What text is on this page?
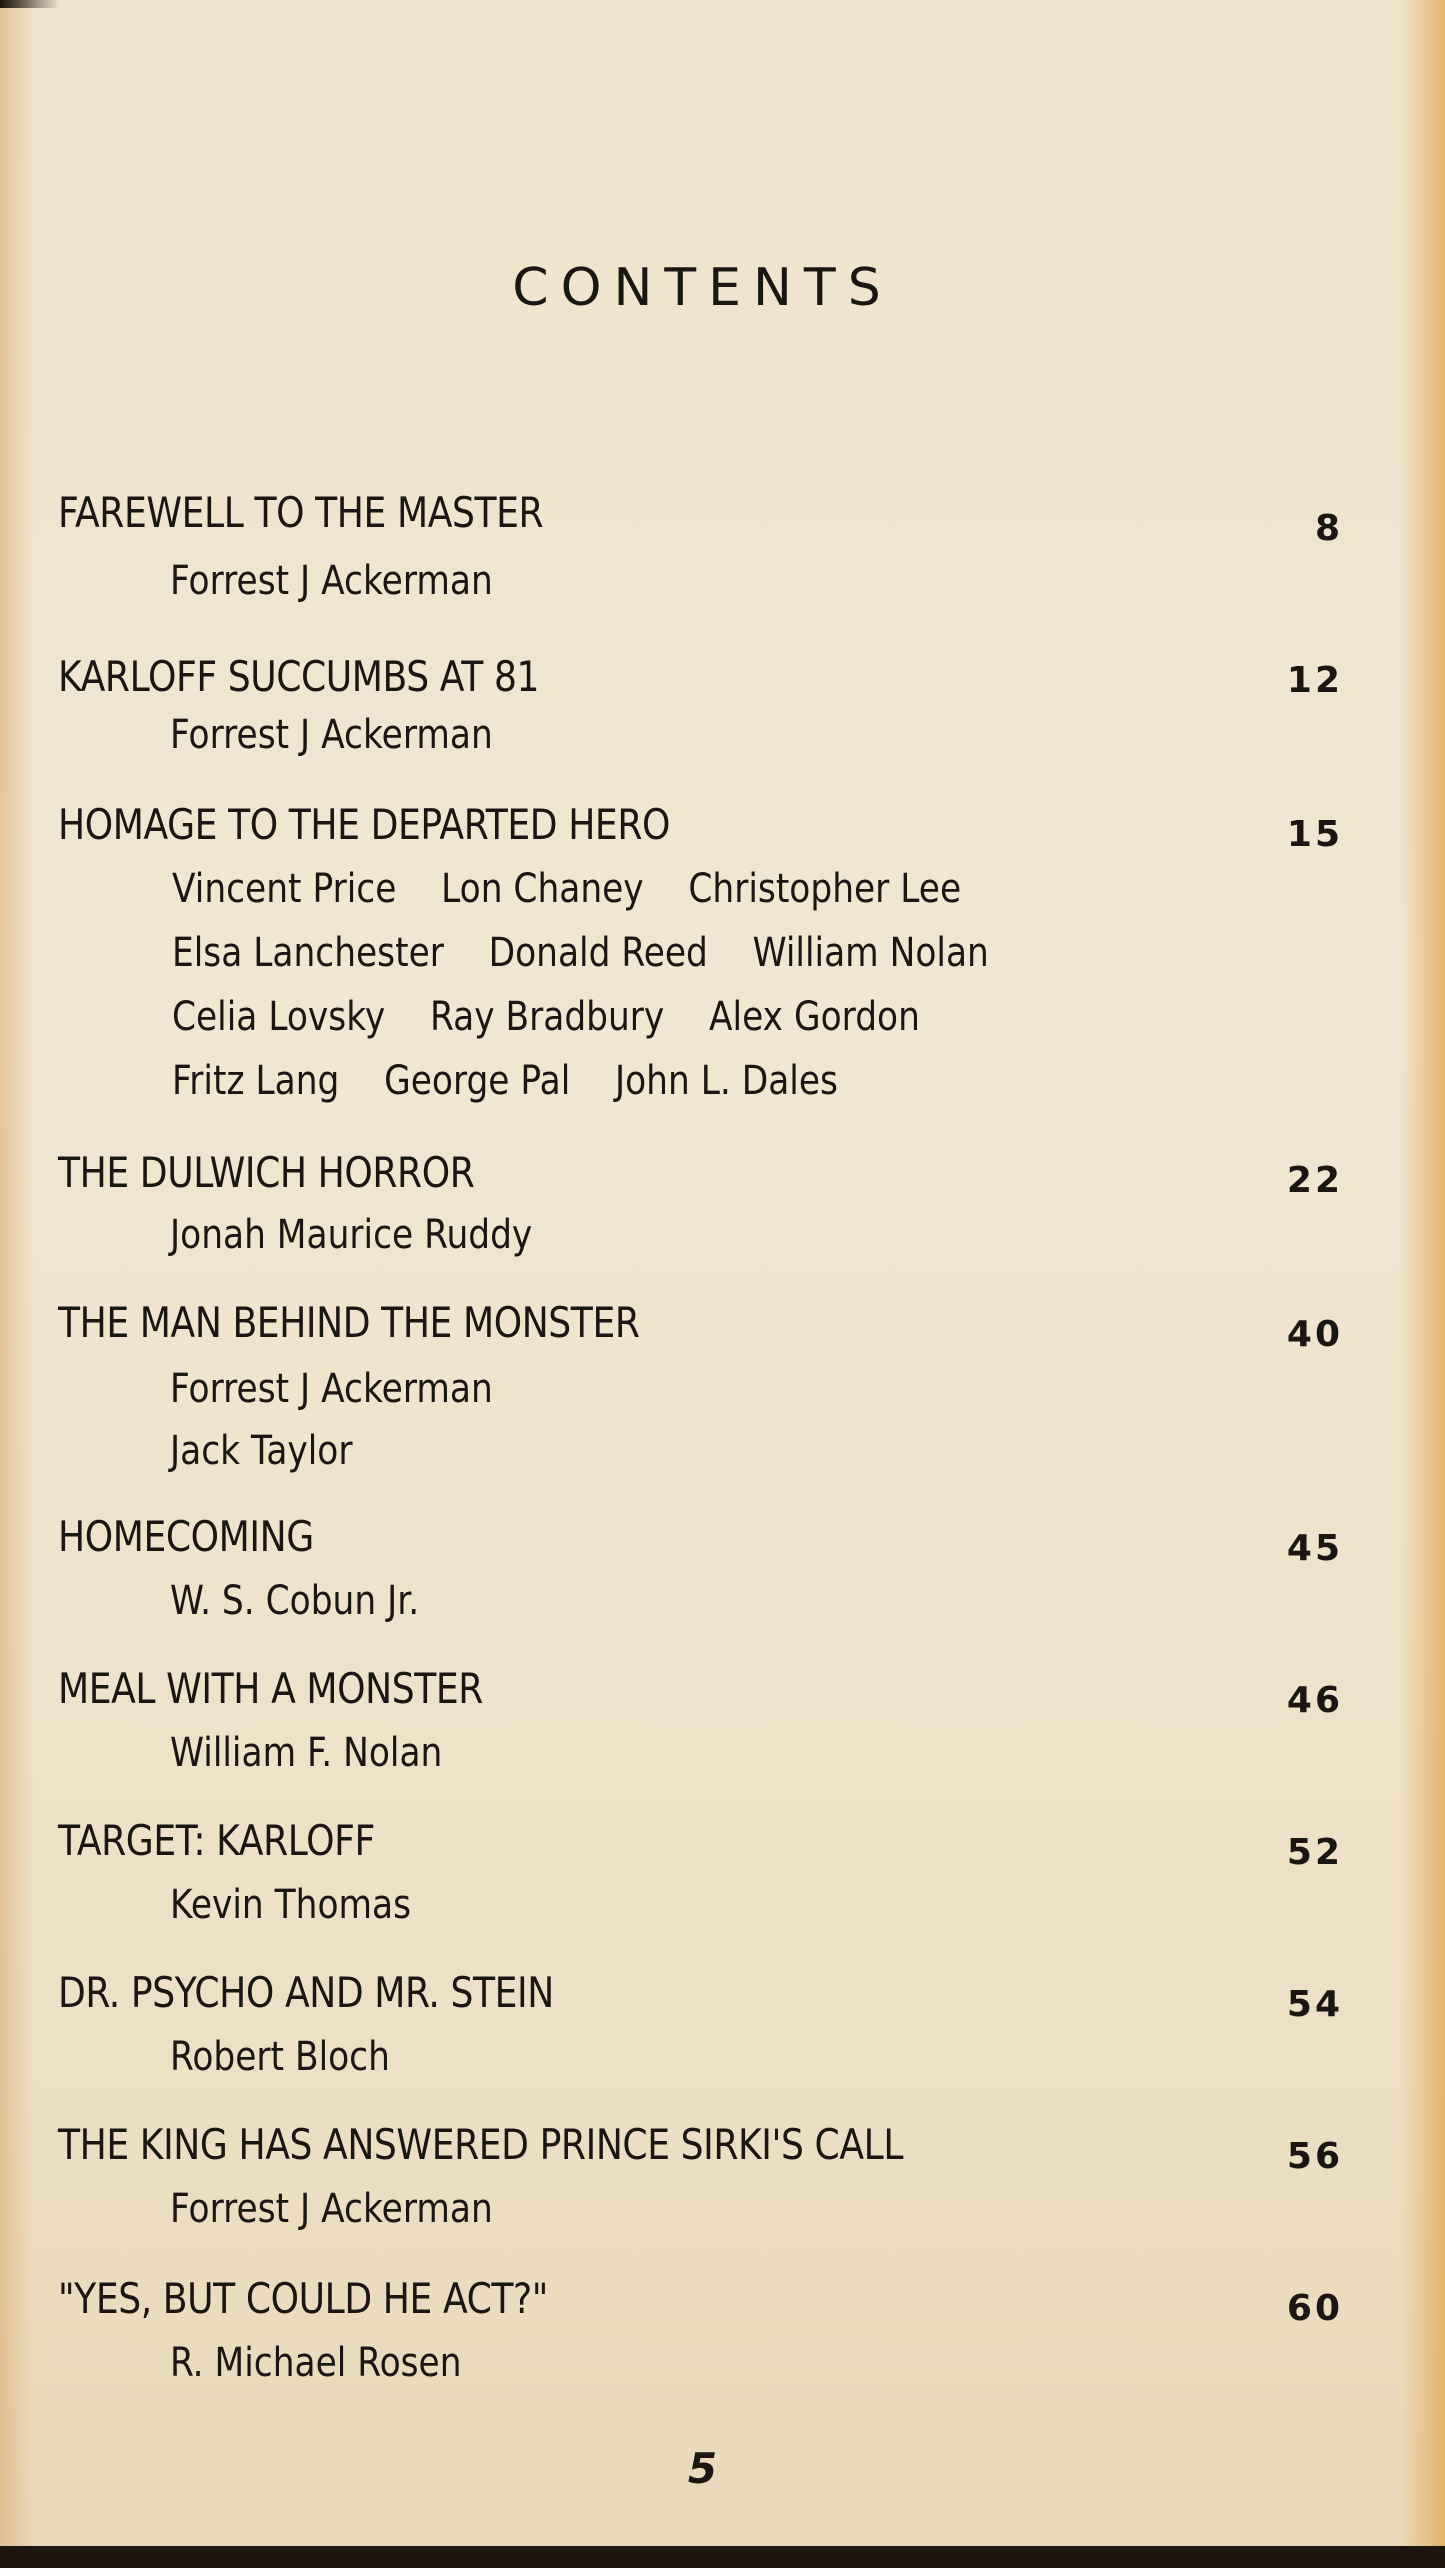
CONTENTS
FAREWELL TO THE MASTER	8
Forrest J Ackerman
KARLOFF SUCCUMBS AT 81	12
Forrest J Ackerman
HOMAGE TO THE DEPARTED HERO	15
Vincent Price Lon Chaney Christopher Lee
Elsa Lanchester Donald Reed William Nolan
Celia Lovsky Ray Bradbury Alex Gordon
Fritz Lang George Pal John L. Dales
THE DULWICH HORROR	22
Jonah Maurice Ruddy
THE MAN BEHIND THE MONSTER	40
Forrest J Ackerman
Jack Taylor
HOMECOMING	45
W. S. Cobun Jr.
MEAL WITH A MONSTER	46
William F. Nolan
TARGET: KARLOFF	52
Kevin Thomas
DR. PSYCHO AND MR. STEIN	54
Robert Bloch
THE KING HAS ANSWERED PRINCE SIRKI'S CALL	56
Forrest J Ackerman
"YES, BUT COULD HE ACT?"	60
R. Michael Rosen
5
